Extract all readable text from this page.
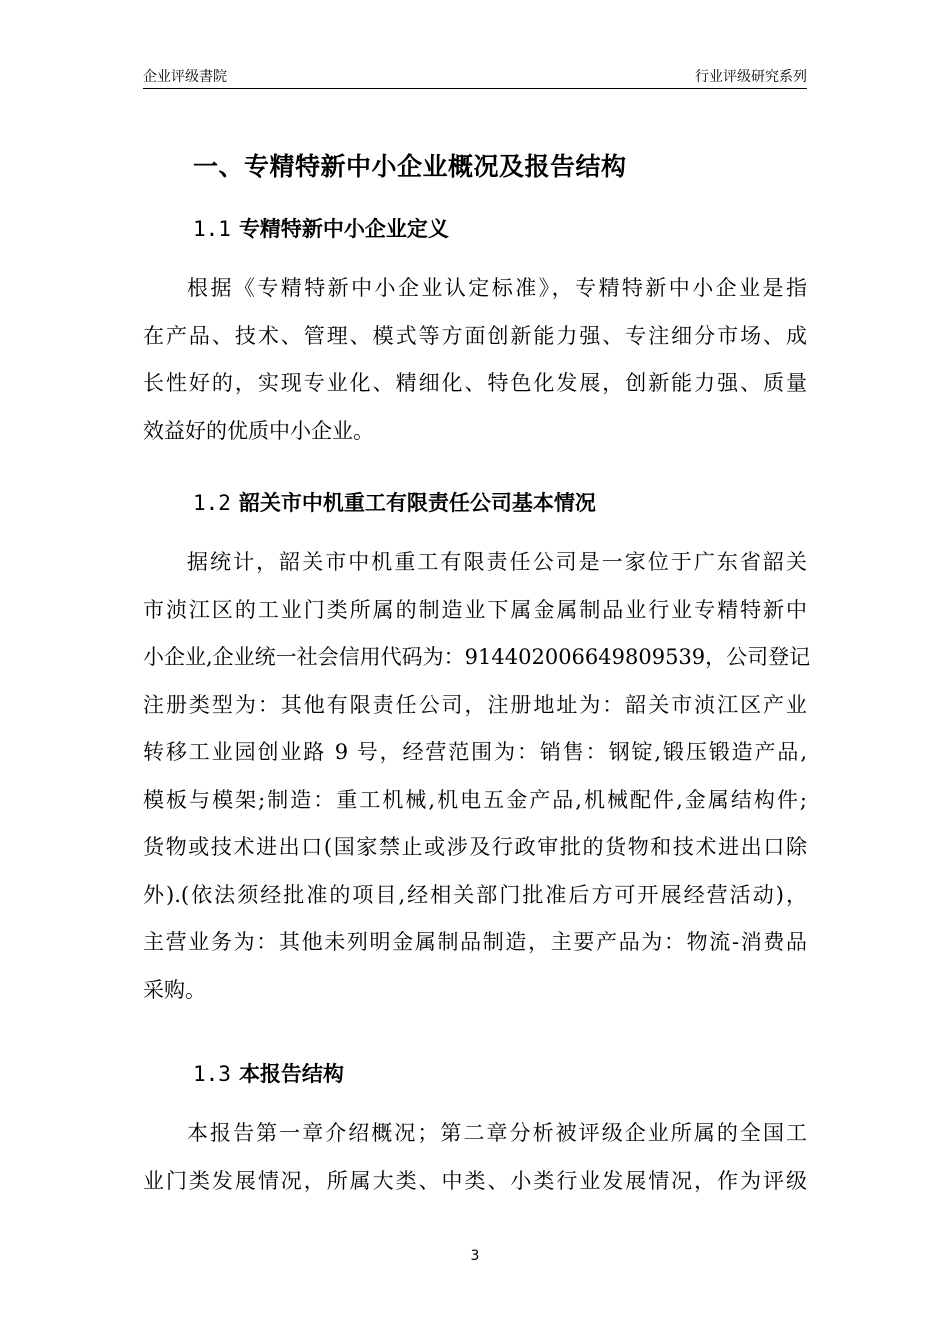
企业评级書院	行业评级研究系列
一、专精特新中小企业概况及报告结构
1.1 专精特新中小企业定义
根据《专精特新中小企业认定标准》，专精特新中小企业是指
在产品、技术、管理、模式等方面创新能力强、专注细分市场、成
长性好的，实现专业化、精细化、特色化发展，创新能力强、质量
效益好的优质中小企业。
1.2 韶关市中机重工有限责任公司基本情况
据统计，韶关市中机重工有限责任公司是一家位于广东省韶关
市浈江区的工业门类所属的制造业下属金属制品业行业专精特新中
小企业,企业统一社会信用代码为：914402006649809539，公司登记
注册类型为：其他有限责任公司，注册地址为：韶关市浈江区产业
转移工业园创业路 9 号，经营范围为：销售：钢锭,锻压锻造产品,
模板与模架;制造：重工机械,机电五金产品,机械配件,金属结构件;
货物或技术进出口(国家禁止或涉及行政审批的货物和技术进出口除
外).(依法须经批准的项目,经相关部门批准后方可开展经营活动)，
主营业务为：其他未列明金属制品制造，主要产品为：物流-消费品
采购。
1.3 本报告结构
本报告第一章介绍概况；第二章分析被评级企业所属的全国工
业门类发展情况，所属大类、中类、小类行业发展情况，作为评级
3
